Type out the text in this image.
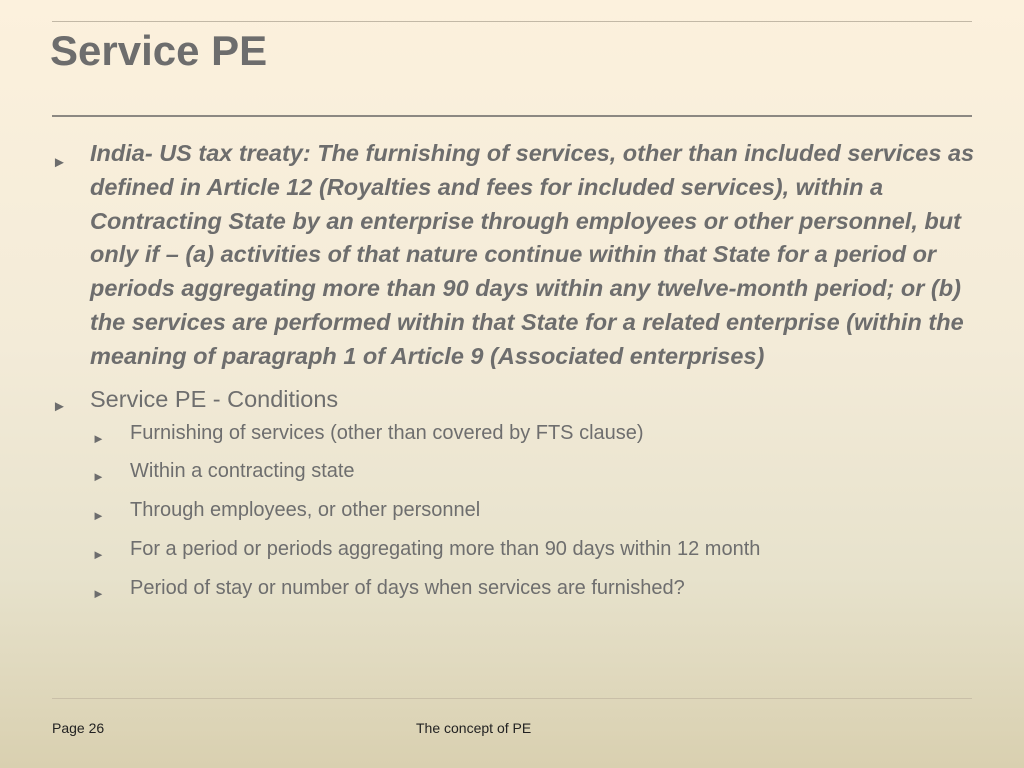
Service PE
► India- US tax treaty: The furnishing of services, other than included services as defined in Article 12 (Royalties and fees for included services), within a Contracting State by an enterprise through employees or other personnel, but only if – (a) activities of that nature continue within that State for a period or periods aggregating more than 90 days within any twelve-month period; or (b) the services are performed within that State for a related enterprise (within the meaning of paragraph 1 of Article 9 (Associated enterprises)
► Service PE - Conditions
► Furnishing of services (other than covered by FTS clause)
► Within a contracting state
► Through employees, or other personnel
► For a period or periods aggregating more than 90 days within 12 month
► Period of stay or number of days when services are furnished?
Page 26	The concept of PE
